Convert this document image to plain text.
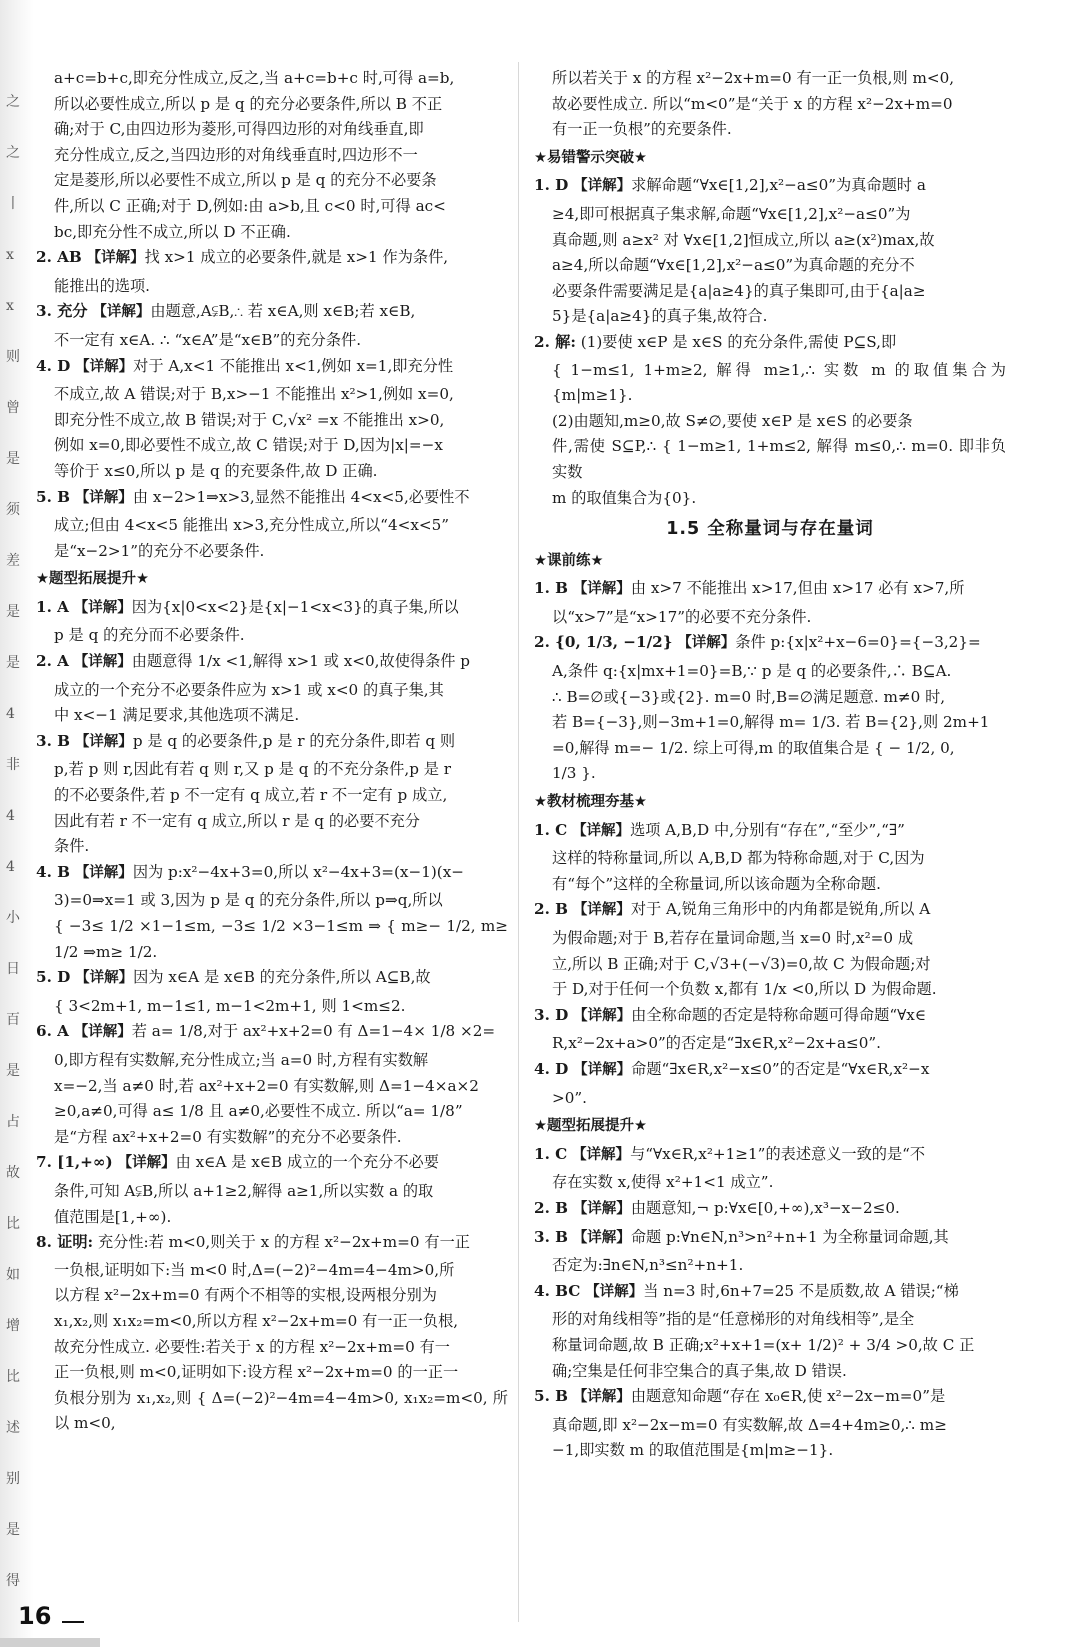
之
之
丨
x
x
则
曾
是
须
差
是
是
4
非
4
4
小
日
百
是
占
故
比
如
增
比
述
别
是
得
a+c=b+c,即充分性成立,反之,当 a+c=b+c 时,可得 a=b,
所以必要性成立,所以 p 是 q 的充分必要条件,所以 B 不正
确;对于 C,由四边形为菱形,可得四边形的对角线垂直,即
充分性成立,反之,当四边形的对角线垂直时,四边形不一
定是菱形,所以必要性不成立,所以 p 是 q 的充分不必要条
件,所以 C 正确;对于 D,例如:由 a>b,且 c<0 时,可得 ac<
bc,即充分性不成立,所以 D 不正确.
2. AB 【详解】找 x>1 成立的必要条件,就是 x>1 作为条件,
能推出的选项.
3. 充分 【详解】由题意,A⫋B,∴ 若 x∈A,则 x∈B;若 x∈B,
不一定有 x∈A. ∴ “x∈A”是“x∈B”的充分条件.
4. D 【详解】对于 A,x<1 不能推出 x<1,例如 x=1,即充分性
不成立,故 A 错误;对于 B,x>−1 不能推出 x²>1,例如 x=0,
即充分性不成立,故 B 错误;对于 C,√x² =x 不能推出 x>0,
例如 x=0,即必要性不成立,故 C 错误;对于 D,因为|x|=−x
等价于 x≤0,所以 p 是 q 的充要条件,故 D 正确.
5. B 【详解】由 x−2>1⇒x>3,显然不能推出 4<x<5,必要性不
成立;但由 4<x<5 能推出 x>3,充分性成立,所以“4<x<5”
是“x−2>1”的充分不必要条件.
★题型拓展提升★
1. A 【详解】因为{x|0<x<2}是{x|−1<x<3}的真子集,所以
p 是 q 的充分而不必要条件.
2. A 【详解】由题意得 1/x <1,解得 x>1 或 x<0,故使得条件 p
成立的一个充分不必要条件应为 x>1 或 x<0 的真子集,其
中 x<−1 满足要求,其他选项不满足.
3. B 【详解】p 是 q 的必要条件,p 是 r 的充分条件,即若 q 则
p,若 p 则 r,因此有若 q 则 r,又 p 是 q 的不充分条件,p 是 r
的不必要条件,若 p 不一定有 q 成立,若 r 不一定有 p 成立,
因此有若 r 不一定有 q 成立,所以 r 是 q 的必要不充分
条件.
4. B 【详解】因为 p:x²−4x+3=0,所以 x²−4x+3=(x−1)(x−
3)=0⇒x=1 或 3,因为 p 是 q 的充分条件,所以 p⇒q,所以
{ −3≤ 1/2 ×1−1≤m, −3≤ 1/2 ×3−1≤m ⇒ { m≥− 1/2, m≥ 1/2 ⇒m≥ 1/2.
5. D 【详解】因为 x∈A 是 x∈B 的充分条件,所以 A⊆B,故
{ 3<2m+1, m−1≤1, m−1<2m+1, 则 1<m≤2.
6. A 【详解】若 a= 1/8,对于 ax²+x+2=0 有 Δ=1−4× 1/8 ×2=
0,即方程有实数解,充分性成立;当 a=0 时,方程有实数解
x=−2,当 a≠0 时,若 ax²+x+2=0 有实数解,则 Δ=1−4×a×2
≥0,a≠0,可得 a≤ 1/8 且 a≠0,必要性不成立. 所以“a= 1/8”
是“方程 ax²+x+2=0 有实数解”的充分不必要条件.
7. [1,+∞) 【详解】由 x∈A 是 x∈B 成立的一个充分不必要
条件,可知 A⫋B,所以 a+1≥2,解得 a≥1,所以实数 a 的取
值范围是[1,+∞).
8. 证明: 充分性:若 m<0,则关于 x 的方程 x²−2x+m=0 有一正
一负根,证明如下:当 m<0 时,Δ=(−2)²−4m=4−4m>0,所
以方程 x²−2x+m=0 有两个不相等的实根,设两根分别为
x₁,x₂,则 x₁x₂=m<0,所以方程 x²−2x+m=0 有一正一负根,
故充分性成立. 必要性:若关于 x 的方程 x²−2x+m=0 有一
正一负根,则 m<0,证明如下:设方程 x²−2x+m=0 的一正一
负根分别为 x₁,x₂,则 { Δ=(−2)²−4m=4−4m>0, x₁x₂=m<0, 所以 m<0,
所以若关于 x 的方程 x²−2x+m=0 有一正一负根,则 m<0,
故必要性成立. 所以“m<0”是“关于 x 的方程 x²−2x+m=0
有一正一负根”的充要条件.
★易错警示突破★
1. D 【详解】求解命题“∀x∈[1,2],x²−a≤0”为真命题时 a
≥4,即可根据真子集求解,命题“∀x∈[1,2],x²−a≤0”为
真命题,则 a≥x² 对 ∀x∈[1,2]恒成立,所以 a≥(x²)max,故
a≥4,所以命题“∀x∈[1,2],x²−a≤0”为真命题的充分不
必要条件需要满足是{a|a≥4}的真子集即可,由于{a|a≥
5}是{a|a≥4}的真子集,故符合.
2. 解: (1)要使 x∈P 是 x∈S 的充分条件,需使 P⊆S,即
{ 1−m≤1, 1+m≥2, 解得 m≥1,∴ 实数 m 的取值集合为{m|m≥1}.
(2)由题知,m≥0,故 S≠∅,要使 x∈P 是 x∈S 的必要条
件,需使 S⊆P,∴ { 1−m≥1, 1+m≤2, 解得 m≤0,∴ m=0. 即非负实数
m 的取值集合为{0}.
1.5 全称量词与存在量词
★课前练★
1. B 【详解】由 x>7 不能推出 x>17,但由 x>17 必有 x>7,所
以“x>7”是“x>17”的必要不充分条件.
2. {0, 1/3, −1/2} 【详解】条件 p:{x|x²+x−6=0}={−3,2}=
A,条件 q:{x|mx+1=0}=B,∵ p 是 q 的必要条件,∴ B⊆A.
∴ B=∅或{−3}或{2}. m=0 时,B=∅满足题意. m≠0 时,
若 B={−3},则−3m+1=0,解得 m= 1/3. 若 B={2},则 2m+1
=0,解得 m=− 1/2. 综上可得,m 的取值集合是 { − 1/2, 0,
1/3 }.
★教材梳理夯基★
1. C 【详解】选项 A,B,D 中,分别有“存在”,“至少”,“∃”
这样的特称量词,所以 A,B,D 都为特称命题,对于 C,因为
有“每个”这样的全称量词,所以该命题为全称命题.
2. B 【详解】对于 A,锐角三角形中的内角都是锐角,所以 A
为假命题;对于 B,若存在量词命题,当 x=0 时,x²=0 成
立,所以 B 正确;对于 C,√3+(−√3)=0,故 C 为假命题;对
于 D,对于任何一个负数 x,都有 1/x <0,所以 D 为假命题.
3. D 【详解】由全称命题的否定是特称命题可得命题“∀x∈
R,x²−2x+a>0”的否定是“∃x∈R,x²−2x+a≤0”.
4. D 【详解】命题“∃x∈R,x²−x≤0”的否定是“∀x∈R,x²−x
>0”.
★题型拓展提升★
1. C 【详解】与“∀x∈R,x²+1≥1”的表述意义一致的是“不
存在实数 x,使得 x²+1<1 成立”.
2. B 【详解】由题意知,¬ p:∀x∈[0,+∞),x³−x−2≤0.
3. B 【详解】命题 p:∀n∈N,n³>n²+n+1 为全称量词命题,其
否定为:∃n∈N,n³≤n²+n+1.
4. BC 【详解】当 n=3 时,6n+7=25 不是质数,故 A 错误;“梯
形的对角线相等”指的是“任意梯形的对角线相等”,是全
称量词命题,故 B 正确;x²+x+1=(x+ 1/2)² + 3/4 >0,故 C 正
确;空集是任何非空集合的真子集,故 D 错误.
5. B 【详解】由题意知命题“存在 x₀∈R,使 x²−2x−m=0”是
真命题,即 x²−2x−m=0 有实数解,故 Δ=4+4m≥0,∴ m≥
−1,即实数 m 的取值范围是{m|m≥−1}.
16
